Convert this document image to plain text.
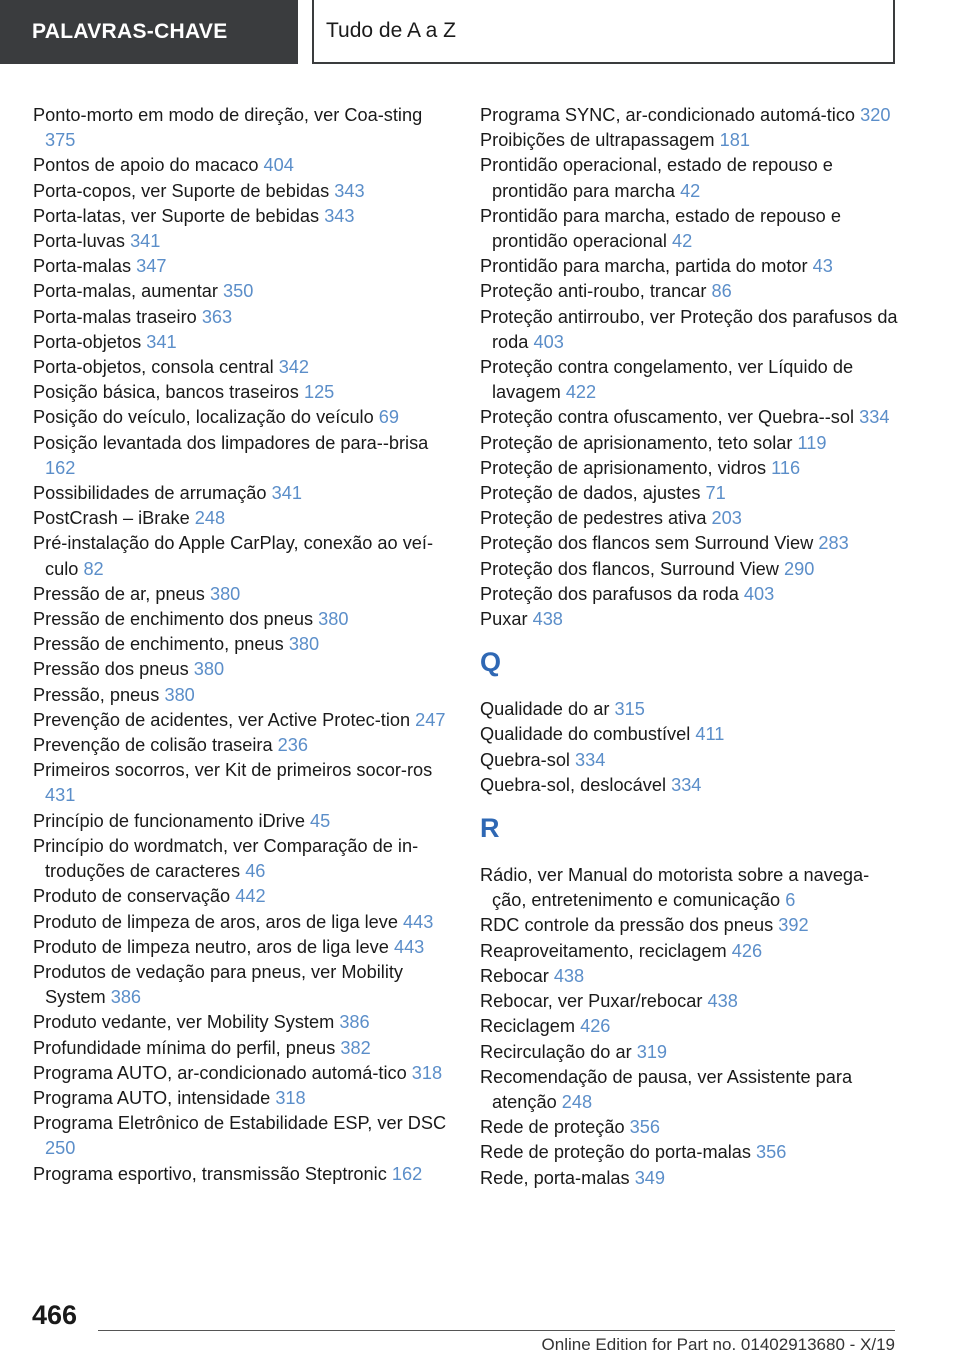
PALAVRAS-CHAVE	Tudo de A a Z
Ponto-morto em modo de direção, ver Coa-sting 375
Pontos de apoio do macaco 404
Porta-copos, ver Suporte de bebidas 343
Porta-latas, ver Suporte de bebidas 343
Porta-luvas 341
Porta-malas 347
Porta-malas, aumentar 350
Porta-malas traseiro 363
Porta-objetos 341
Porta-objetos, consola central 342
Posição básica, bancos traseiros 125
Posição do veículo, localização do veículo 69
Posição levantada dos limpadores de para--brisa 162
Possibilidades de arrumação 341
PostCrash – iBrake 248
Pré-instalação do Apple CarPlay, conexão ao veí-culo 82
Pressão de ar, pneus 380
Pressão de enchimento dos pneus 380
Pressão de enchimento, pneus 380
Pressão dos pneus 380
Pressão, pneus 380
Prevenção de acidentes, ver Active Protec-tion 247
Prevenção de colisão traseira 236
Primeiros socorros, ver Kit de primeiros socor-ros 431
Princípio de funcionamento iDrive 45
Princípio do wordmatch, ver Comparação de in-troduções de caracteres 46
Produto de conservação 442
Produto de limpeza de aros, aros de liga leve 443
Produto de limpeza neutro, aros de liga leve 443
Produtos de vedação para pneus, ver Mobility System 386
Produto vedante, ver Mobility System 386
Profundidade mínima do perfil, pneus 382
Programa AUTO, ar-condicionado automá-tico 318
Programa AUTO, intensidade 318
Programa Eletrônico de Estabilidade ESP, ver DSC 250
Programa esportivo, transmissão Steptronic 162
Programa SYNC, ar-condicionado automá-tico 320
Proibições de ultrapassagem 181
Prontidão operacional, estado de repouso e prontidão para marcha 42
Prontidão para marcha, estado de repouso e prontidão operacional 42
Prontidão para marcha, partida do motor 43
Proteção anti-roubo, trancar 86
Proteção antirroubo, ver Proteção dos parafusos da roda 403
Proteção contra congelamento, ver Líquido de lavagem 422
Proteção contra ofuscamento, ver Quebra--sol 334
Proteção de aprisionamento, teto solar 119
Proteção de aprisionamento, vidros 116
Proteção de dados, ajustes 71
Proteção de pedestres ativa 203
Proteção dos flancos sem Surround View 283
Proteção dos flancos, Surround View 290
Proteção dos parafusos da roda 403
Puxar 438
Q
Qualidade do ar 315
Qualidade do combustível 411
Quebra-sol 334
Quebra-sol, deslocável 334
R
Rádio, ver Manual do motorista sobre a navega-ção, entretenimento e comunicação 6
RDC controle da pressão dos pneus 392
Reaproveitamento, reciclagem 426
Rebocar 438
Rebocar, ver Puxar/rebocar 438
Reciclagem 426
Recirculação do ar 319
Recomendação de pausa, ver Assistente para atenção 248
Rede de proteção 356
Rede de proteção do porta-malas 356
Rede, porta-malas 349
466
Online Edition for Part no. 01402913680 - X/19
